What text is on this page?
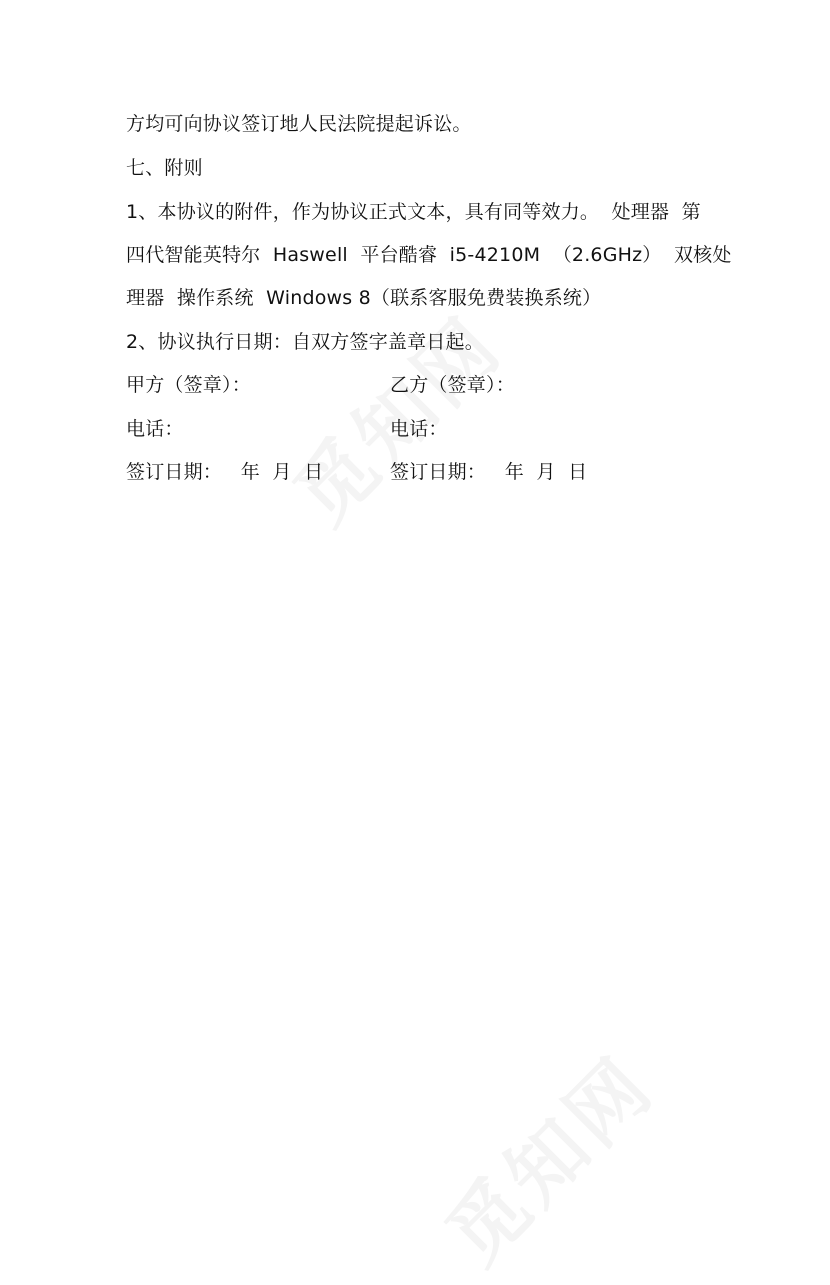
方均可向协议签订地人民法院提起诉讼。
七、附则
1、本协议的附件，作为协议正式文本，具有同等效力。  处理器  第
四代智能英特尔  Haswell  平台酷睿  i5-4210M  （2.6GHz）  双核处
理器  操作系统  Windows 8（联系客服免费装换系统）
2、协议执行日期：自双方签字盖章日起。
甲方（签章）：	乙方（签章）：
电话：	电话：
签订日期：   年  月  日	签订日期：   年  月  日
